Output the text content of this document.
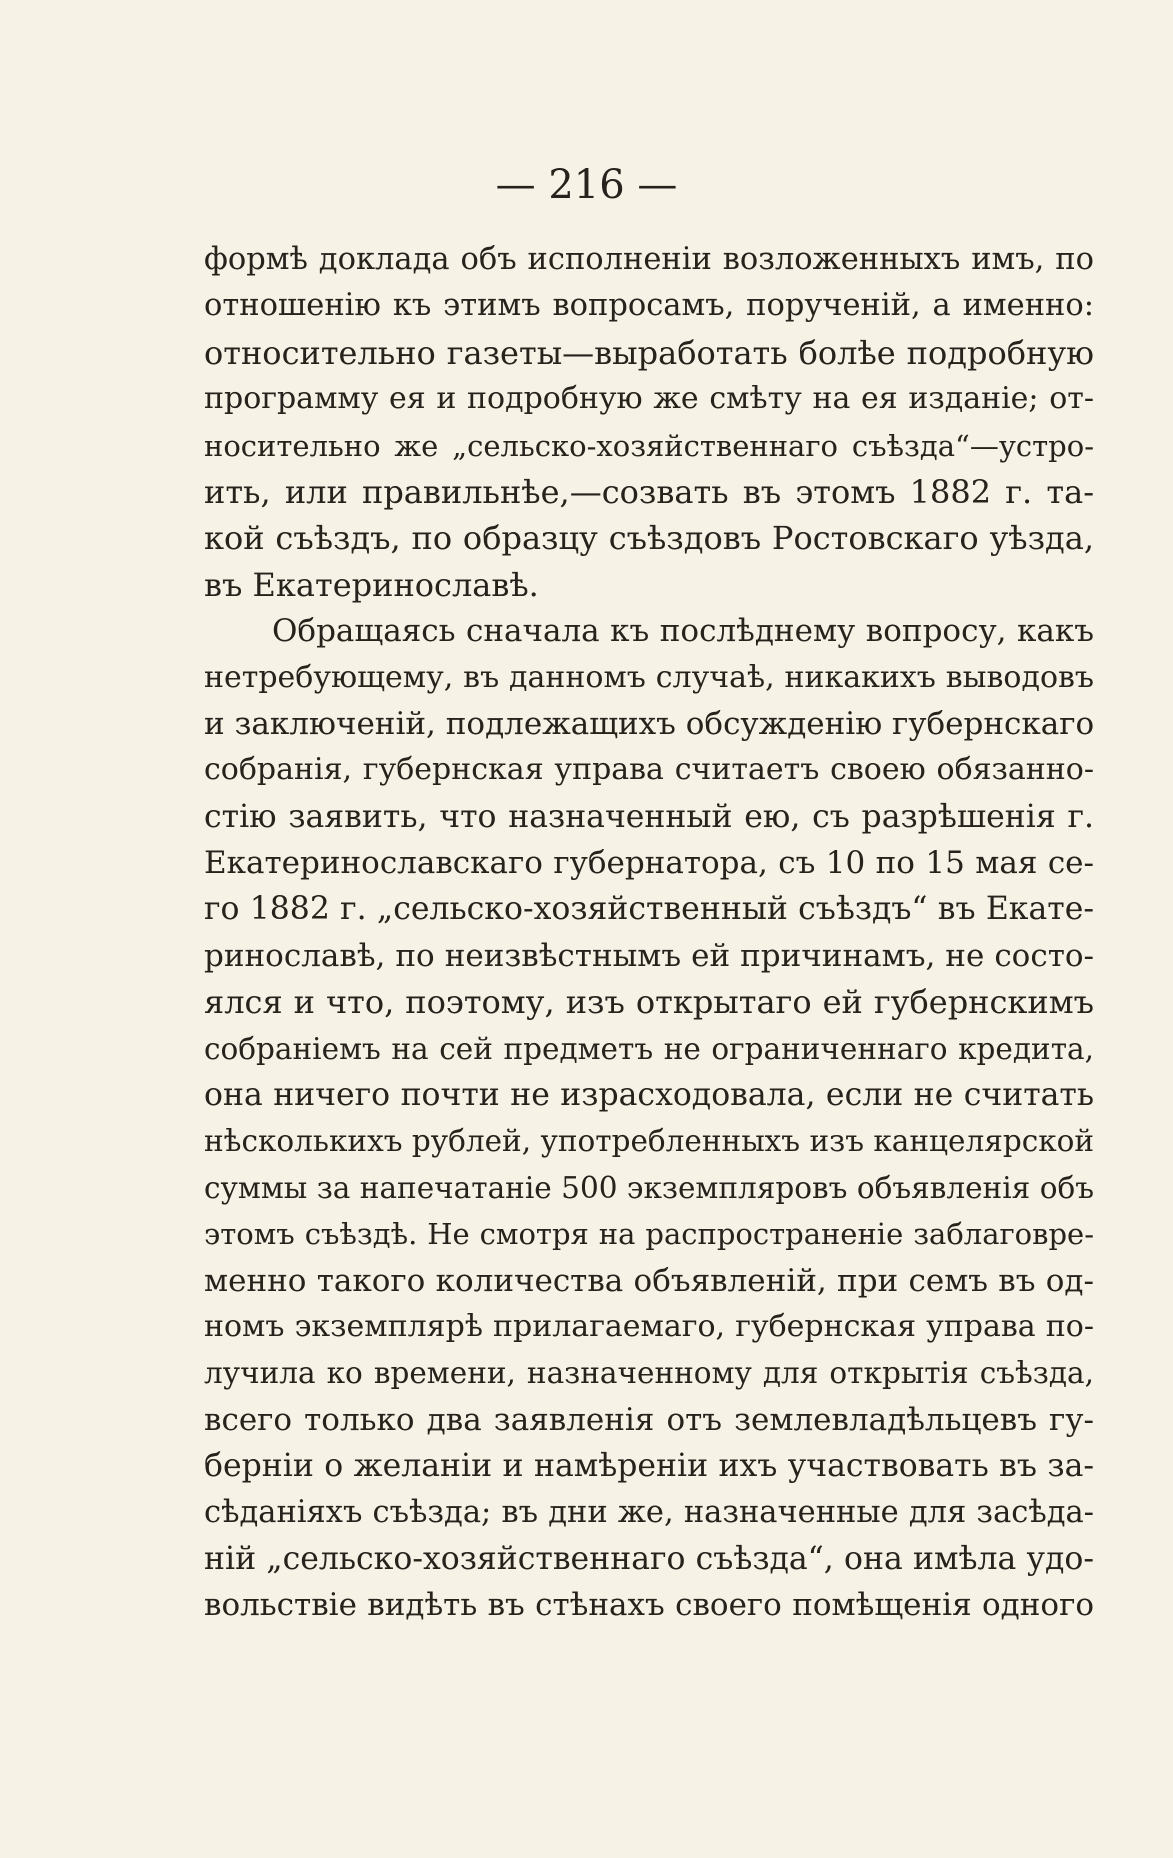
— 216 —
формѣ доклада объ исполненіи возложенныхъ имъ, по
отношенію къ этимъ вопросамъ, порученій, а именно:
относительно газеты—выработать болѣе подробную
программу ея и подробную же смѣту на ея изданіе; от-
носительно же „сельско-хозяйственнаго съѣзда“—устро-
ить, или правильнѣе,—созвать въ этомъ 1882 г. та-
кой съѣздъ, по образцу съѣздовъ Ростовскаго уѣзда,
въ Екатеринославѣ.
Обращаясь сначала къ послѣднему вопросу, какъ
нетребующему, въ данномъ случаѣ, никакихъ выводовъ
и заключеній, подлежащихъ обсужденію губернскаго
собранія, губернская управа считаетъ своею обязанно-
стію заявить, что назначенный ею, съ разрѣшенія г.
Екатеринославскаго губернатора, съ 10 по 15 мая се-
го 1882 г. „сельско-хозяйственный съѣздъ“ въ Екате-
ринославѣ, по неизвѣстнымъ ей причинамъ, не состо-
ялся и что, поэтому, изъ открытаго ей губернскимъ
собраніемъ на сей предметъ не ограниченнаго кредита,
она ничего почти не израсходовала, если не считать
нѣсколькихъ рублей, употребленныхъ изъ канцелярской
суммы за напечатаніе 500 экземпляровъ объявленія объ
этомъ съѣздѣ. Не смотря на распространеніе заблаговре-
менно такого количества объявленій, при семъ въ од-
номъ экземплярѣ прилагаемаго, губернская управа по-
лучила ко времени, назначенному для открытія съѣзда,
всего только два заявленія отъ землевладѣльцевъ гу-
берніи о желаніи и намѣреніи ихъ участвовать въ за-
сѣданіяхъ съѣзда; въ дни же, назначенные для засѣда-
ній „сельско-хозяйственнаго съѣзда“, она имѣла удо-
вольствіе видѣть въ стѣнахъ своего помѣщенія одного
